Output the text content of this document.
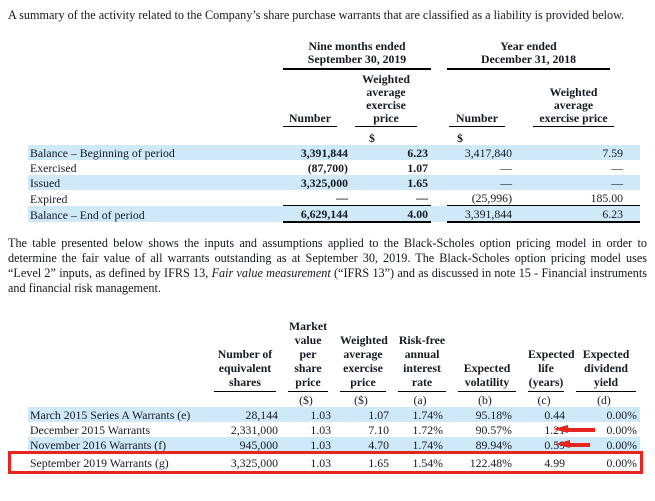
A summary of the activity related to the Company’s share purchase warrants that are classified as a liability is provided below.

	Nine months ended
September 30, 2019			Year ended
December 31, 2018	

	Number	Weighted average exercise price		Number	Weighted average exercise price

		$		$	
Balance – Beginning of period	3,391,844	6.23		3,417,840	7.59
Exercised	(87,700)	1.07		—	—
Issued	3,325,000	1.65		—	—
Expired	—	—		(25,996)	185.00
Balance – End of period	6,629,144	4.00		3,391,844	6.23

The table presented below shows the inputs and assumptions applied to the Black-Scholes option pricing model in order to determine the fair value of all warrants outstanding as at September 30, 2019. The Black-Scholes option pricing model uses “Level 2” inputs, as defined by IFRS 13, Fair value measurement (“IFRS 13”) and as discussed in note 15 - Financial instruments and financial risk management.

	Number of equivalent shares	Market value per share price	Weighted average exercise price	Risk-free annual interest rate	Expected volatility	Expected life (years)	Expected dividend yield

		($)	($)	(a)	(b)	(c)	(d)
March 2015 Series A Warrants (e)	28,144	1.03	1.07	1.74%	95.18%	0.44	0.00%
December 2015 Warrants	2,331,000	1.03	7.10	1.72%	90.57%	1.21	0.00%
November 2016 Warrants (f)	945,000	1.03	4.70	1.74%	89.94%	0.59	0.00%
September 2019 Warrants (g)	3,325,000	1.03	1.65	1.54%	122.48%	4.99	0.00%
